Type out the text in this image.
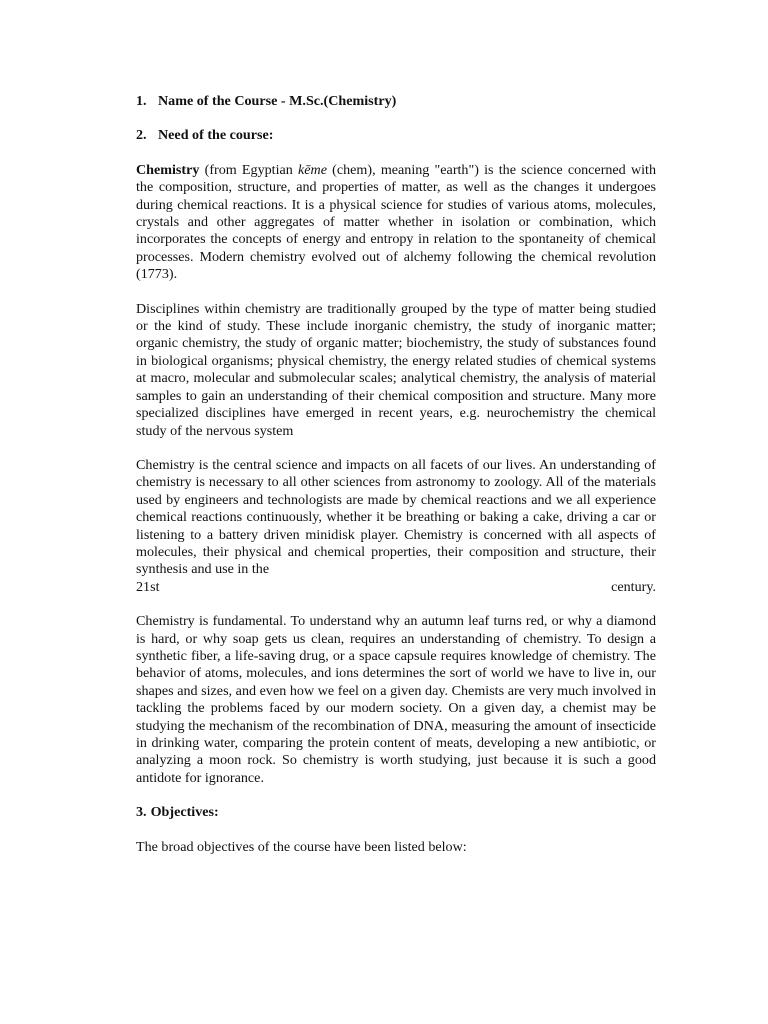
1. Name of the Course - M.Sc.(Chemistry)
2. Need of the course:

Chemistry (from Egyptian kēme (chem), meaning "earth") is the science concerned with the composition, structure, and properties of matter, as well as the changes it undergoes during chemical reactions. It is a physical science for studies of various atoms, molecules, crystals and other aggregates of matter whether in isolation or combination, which incorporates the concepts of energy and entropy in relation to the spontaneity of chemical processes. Modern chemistry evolved out of alchemy following the chemical revolution (1773).

Disciplines within chemistry are traditionally grouped by the type of matter being studied or the kind of study. These include inorganic chemistry, the study of inorganic matter; organic chemistry, the study of organic matter; biochemistry, the study of substances found in biological organisms; physical chemistry, the energy related studies of chemical systems at macro, molecular and submolecular scales; analytical chemistry, the analysis of material samples to gain an understanding of their chemical composition and structure. Many more specialized disciplines have emerged in recent years, e.g. neurochemistry the chemical study of the nervous system

Chemistry is the central science and impacts on all facets of our lives. An understanding of chemistry is necessary to all other sciences from astronomy to zoology. All of the materials used by engineers and technologists are made by chemical reactions and we all experience chemical reactions continuously, whether it be breathing or baking a cake, driving a car or listening to a battery driven minidisk player. Chemistry is concerned with all aspects of molecules, their physical and chemical properties, their composition and structure, their synthesis and use in the

21st	century.

Chemistry is fundamental. To understand why an autumn leaf turns red, or why a diamond is hard, or why soap gets us clean, requires an understanding of chemistry. To design a synthetic fiber, a life-saving drug, or a space capsule requires knowledge of chemistry. The behavior of atoms, molecules, and ions determines the sort of world we have to live in, our shapes and sizes, and even how we feel on a given day. Chemists are very much involved in tackling the problems faced by our modern society. On a given day, a chemist may be studying the mechanism of the recombination of DNA, measuring the amount of insecticide in drinking water, comparing the protein content of meats, developing a new antibiotic, or analyzing a moon rock. So chemistry is worth studying, just because it is such a good antidote for ignorance.

3. Objectives:

The broad objectives of the course have been listed below:
